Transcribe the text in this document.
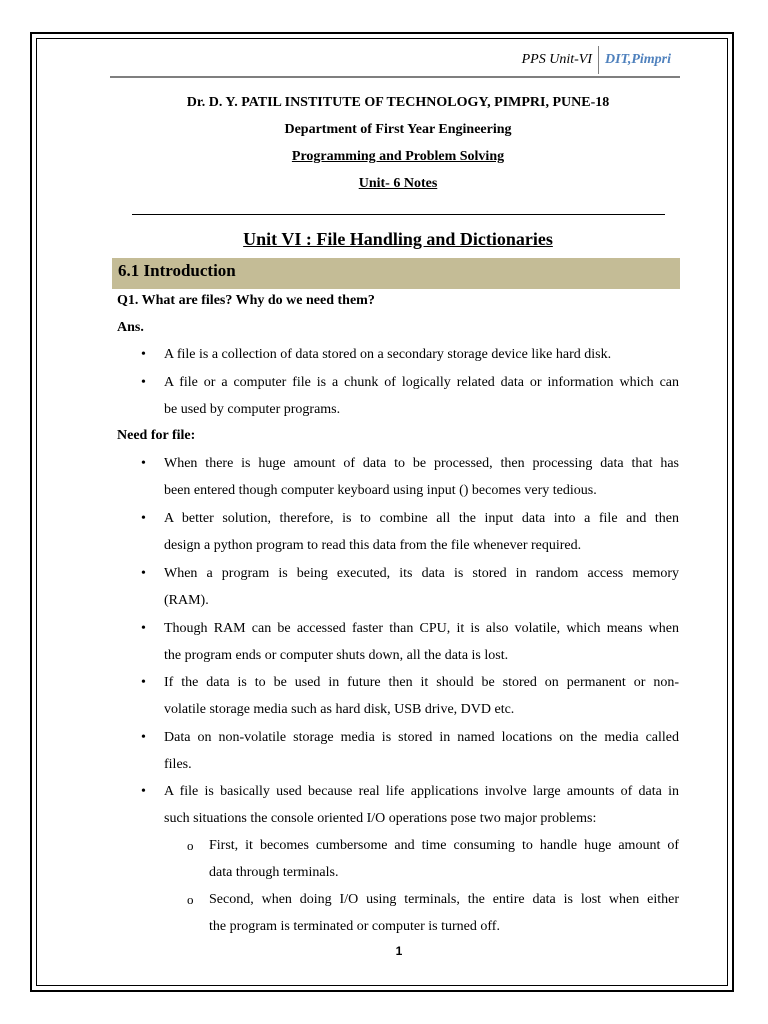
PPS Unit-VI DIT,Pimpri
Dr. D. Y. PATIL INSTITUTE OF TECHNOLOGY, PIMPRI, PUNE-18
Department of First Year Engineering
Programming and Problem Solving
Unit- 6 Notes
Unit VI : File Handling and Dictionaries
6.1 Introduction
Q1. What are files? Why do we need them?
Ans.
• A file is a collection of data stored on a secondary storage device like hard disk.
• A file or a computer file is a chunk of logically related data or information which can
be used by computer programs.
Need for file:
• When there is huge amount of data to be processed, then processing data that has
been entered though computer keyboard using input () becomes very tedious.
• A better solution, therefore, is to combine all the input data into a file and then
design a python program to read this data from the file whenever required.
• When a program is being executed, its data is stored in random access memory
(RAM).
• Though RAM can be accessed faster than CPU, it is also volatile, which means when
the program ends or computer shuts down, all the data is lost.
• If the data is to be used in future then it should be stored on permanent or non-
volatile storage media such as hard disk, USB drive, DVD etc.
• Data on non-volatile storage media is stored in named locations on the media called
files.
• A file is basically used because real life applications involve large amounts of data in
such situations the console oriented I/O operations pose two major problems:
o First, it becomes cumbersome and time consuming to handle huge amount of
data through terminals.
o Second, when doing I/O using terminals, the entire data is lost when either
the program is terminated or computer is turned off.
1
